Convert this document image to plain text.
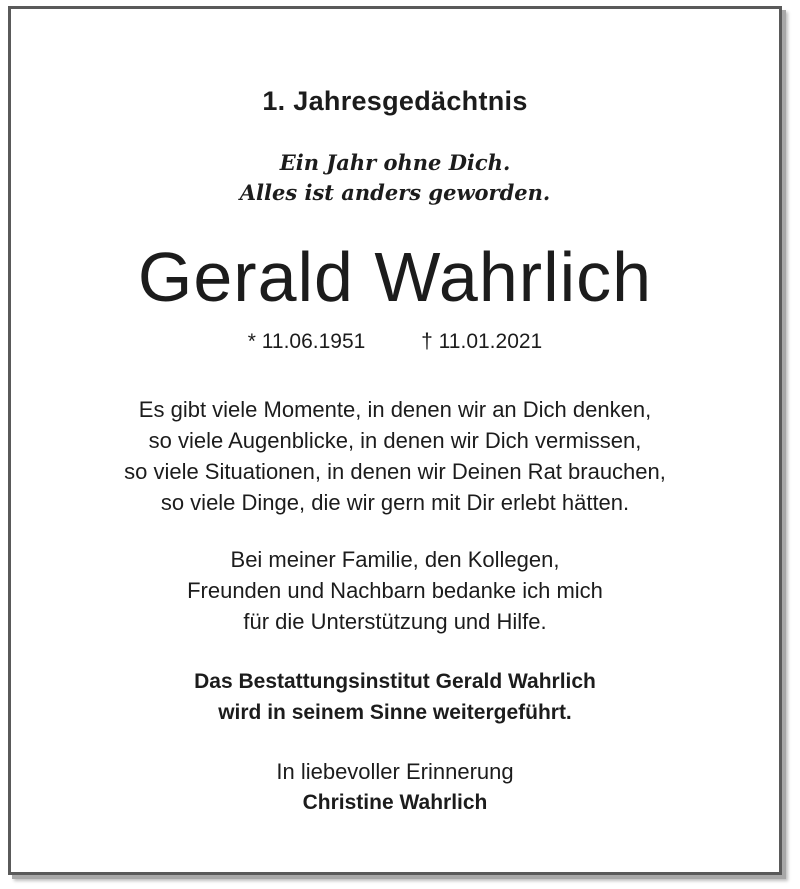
1. Jahresgedächtnis
Ein Jahr ohne Dich.
Alles ist anders geworden.
Gerald Wahrlich
* 11.06.1951	† 11.01.2021
Es gibt viele Momente, in denen wir an Dich denken,
so viele Augenblicke, in denen wir Dich vermissen,
so viele Situationen, in denen wir Deinen Rat brauchen,
so viele Dinge, die wir gern mit Dir erlebt hätten.
Bei meiner Familie, den Kollegen,
Freunden und Nachbarn bedanke ich mich
für die Unterstützung und Hilfe.
Das Bestattungsinstitut Gerald Wahrlich
wird in seinem Sinne weitergeführt.
In liebevoller Erinnerung
Christine Wahrlich
